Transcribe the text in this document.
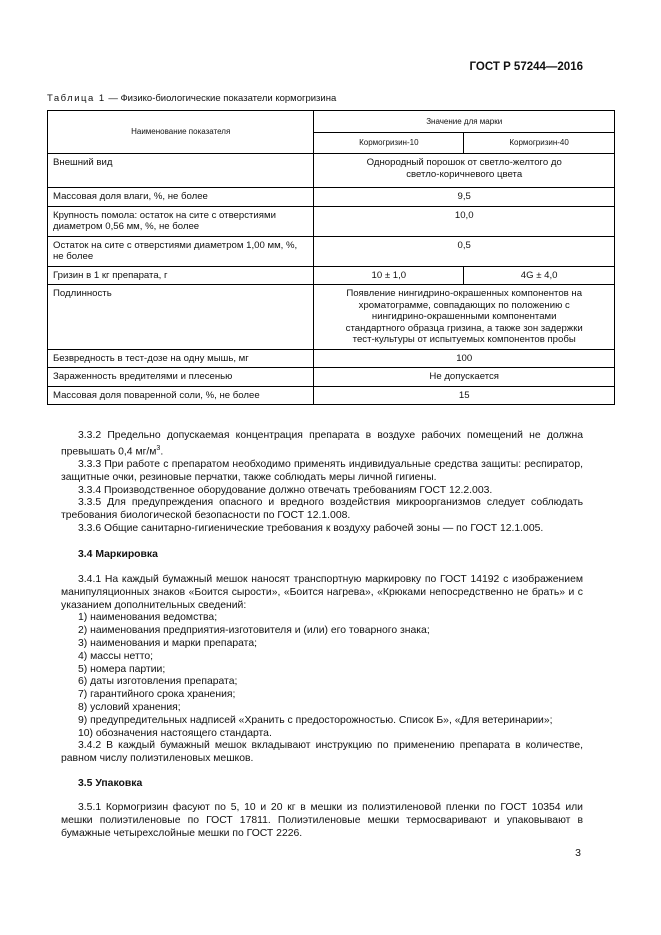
ГОСТ Р 57244—2016
Таблица 1 — Физико-биологические показатели кормогризина
Наименование показателя	Значение для марки	
	Кормогризин-10	Кормогризин-40
Внешний вид	Однородный порошок от светло-желтого до светло-коричневого цвета	
Массовая доля влаги, %, не более	9,5	
Крупность помола: остаток на сите с отверстиями диаметром 0,56 мм, %, не более	10,0	
Остаток на сите с отверстиями диаметром 1,00 мм, %, не более	0,5	
Гризин в 1 кг препарата, г	10 ± 1,0	4G ± 4,0
Подлинность	Появление нингидрино-окрашенных компонентов на хроматограмме, совпадающих по положению с нингидрино-окрашенными компонентами стандартного образца гризина, а также зон задержки тест-культуры от испытуемых компонентов пробы	
Безвредность в тест-дозе на одну мышь, мг	100	
Зараженность вредителями и плесенью	Не допускается	
Массовая доля поваренной соли, %, не более	15	

3.3.2 Предельно допускаемая концентрация препарата в воздухе рабочих помещений не должна превышать 0,4 $мг/м^3$.

3.3.3 При работе с препаратом необходимо применять индивидуальные средства защиты: респиратор, защитные очки, резиновые перчатки, также соблюдать меры личной гигиены.

3.3.4 Производственное оборудование должно отвечать требованиям ГОСТ 12.2.003.

3.3.5 Для предупреждения опасного и вредного воздействия микроорганизмов следует соблюдать требования биологической безопасности по ГОСТ 12.1.008.

3.3.6 Общие санитарно-гигиенические требования к воздуху рабочей зоны — по ГОСТ 12.1.005.

3.4 Маркировка

3.4.1 На каждый бумажный мешок наносят транспортную маркировку по ГОСТ 14192 с изображением манипуляционных знаков «Боится сырости», «Боится нагрева», «Крюками непосредственно не брать» и с указанием дополнительных сведений:

1) наименования ведомства;

2) наименования предприятия-изготовителя и (или) его товарного знака;

3) наименования и марки препарата;

4) массы нетто;

5) номера партии;

6) даты изготовления препарата;

7) гарантийного срока хранения;

8) условий хранения;

9) предупредительных надписей «Хранить с предосторожностью. Список Б», «Для ветеринарии»;

10) обозначения настоящего стандарта.

3.4.2 В каждый бумажный мешок вкладывают инструкцию по применению препарата в количестве, равном числу полиэтиленовых мешков.

3.5 Упаковка

3.5.1 Кормогризин фасуют по 5, 10 и 20 кг в мешки из полиэтиленовой пленки по ГОСТ 10354 или мешки полиэтиленовые по ГОСТ 17811. Полиэтиленовые мешки термосваривают и упаковывают в бумажные четырехслойные мешки по ГОСТ 2226.

3
